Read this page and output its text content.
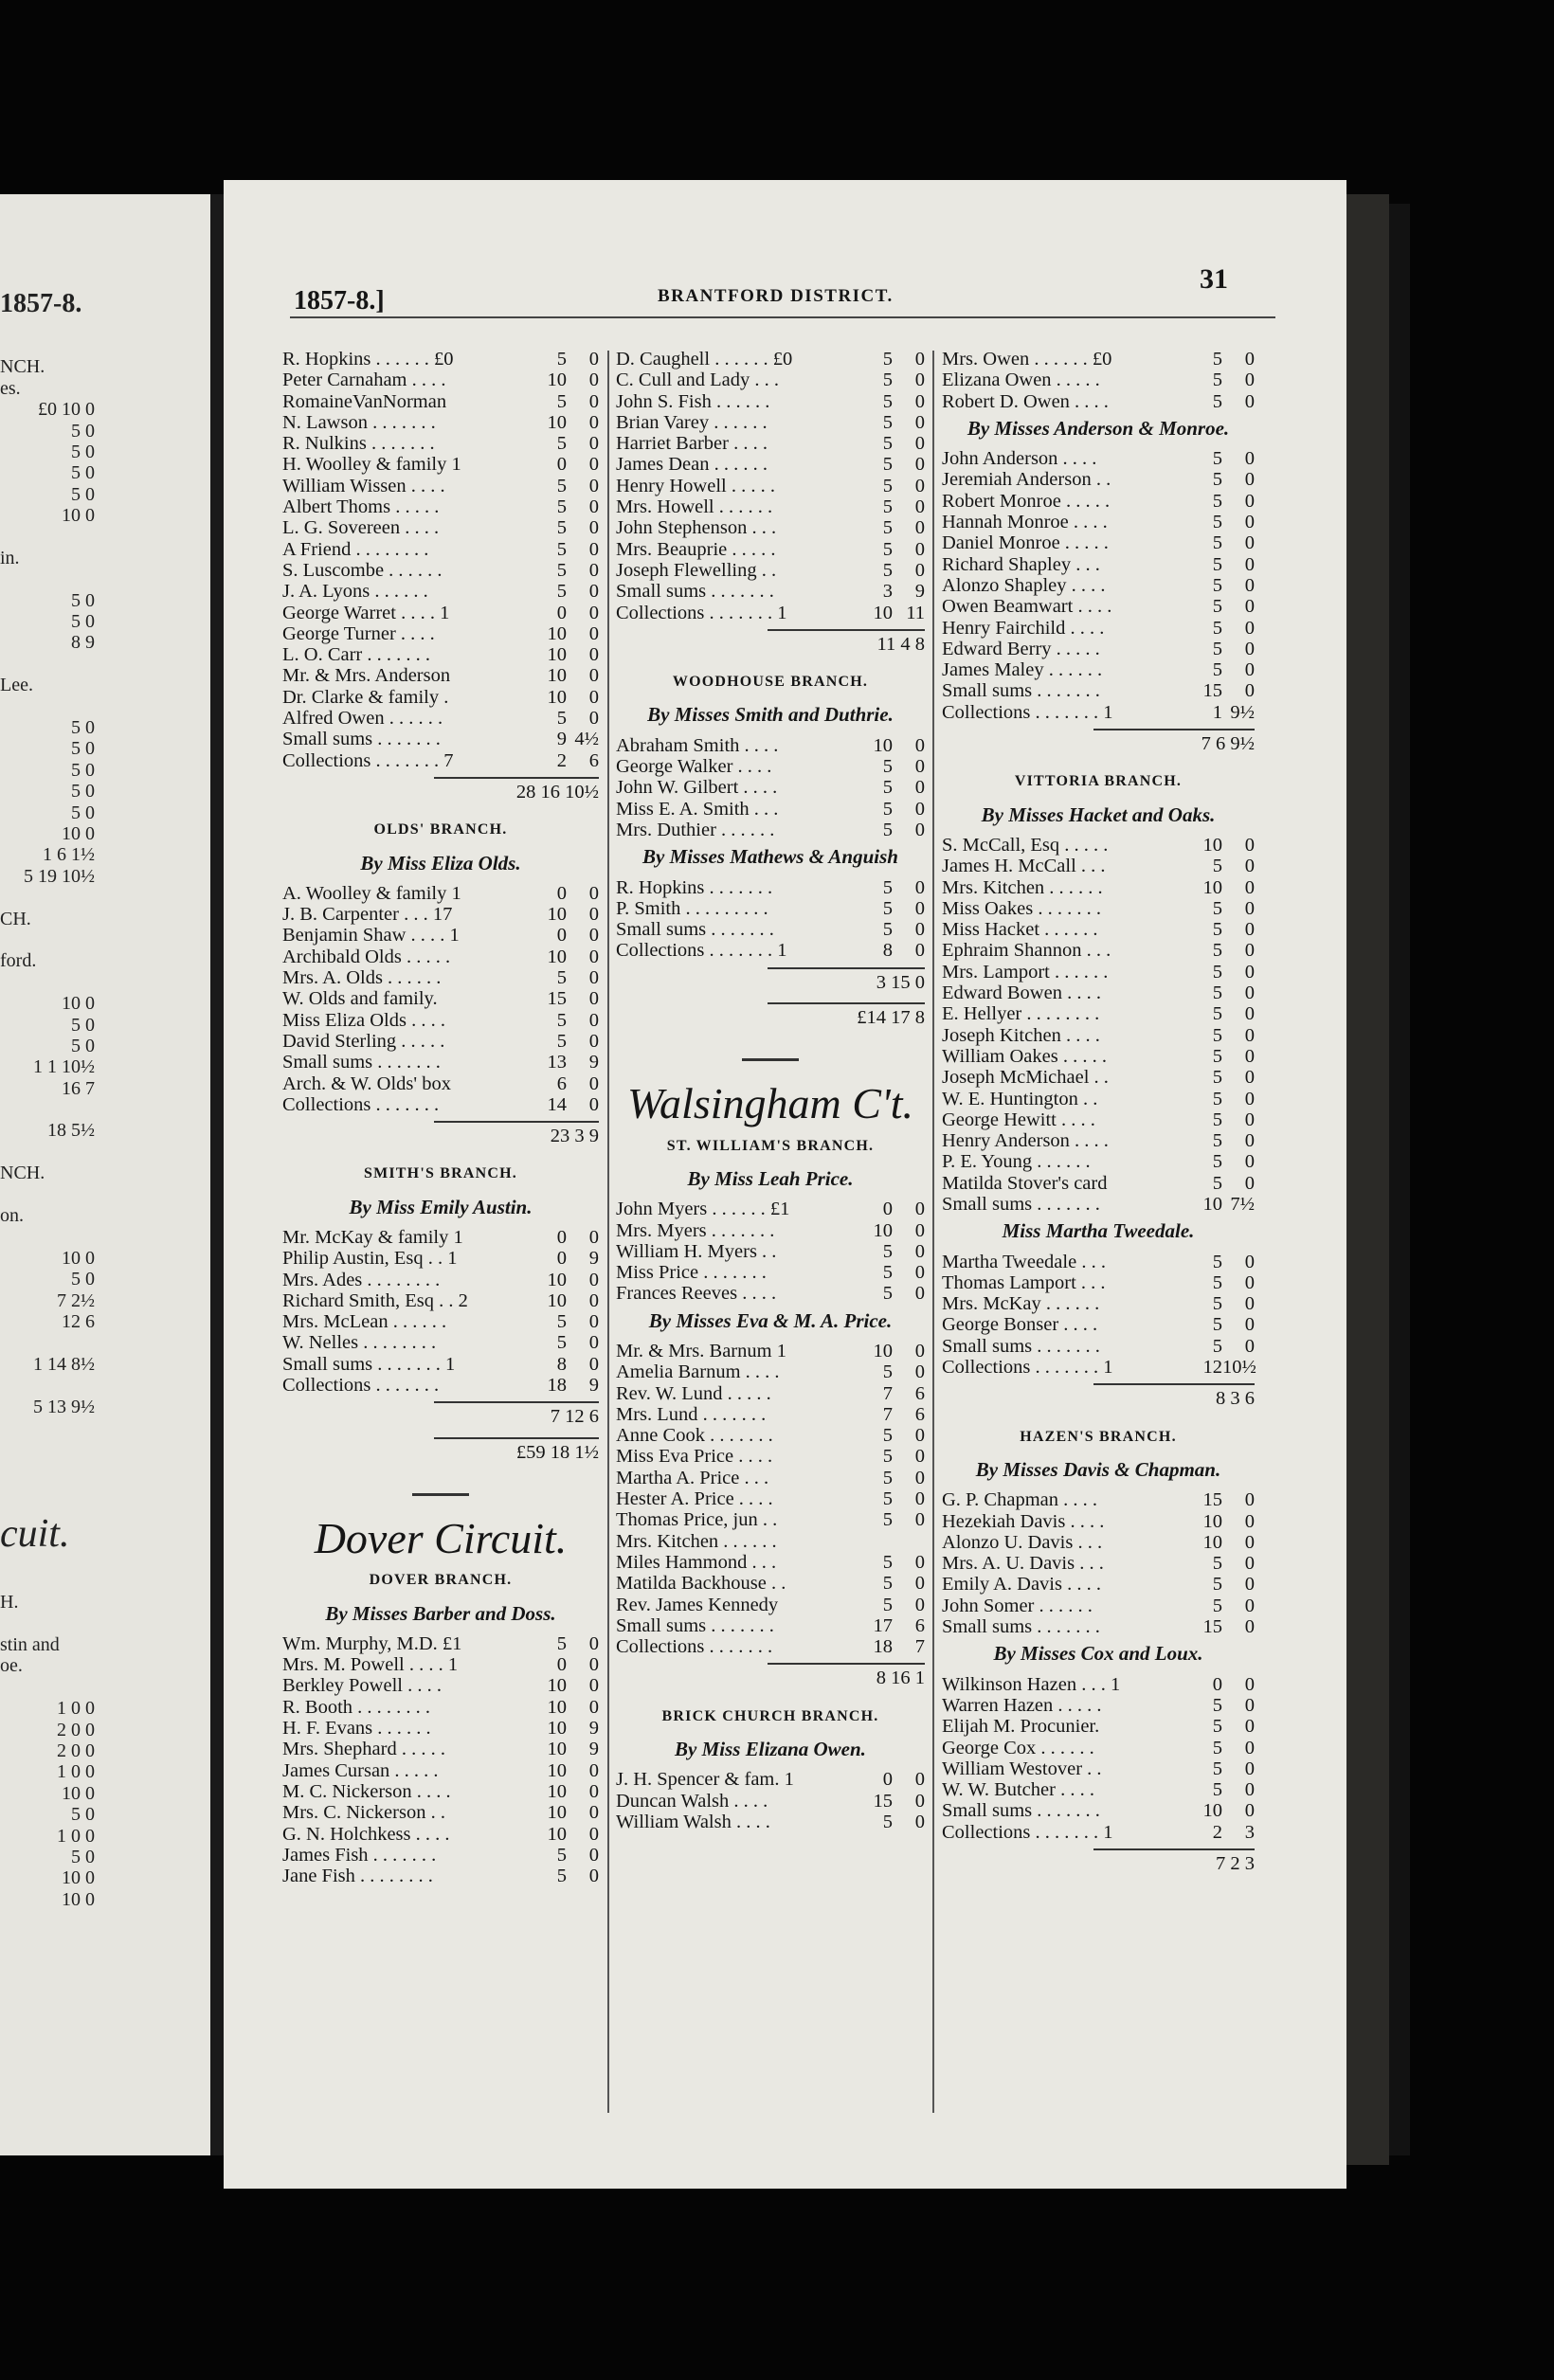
1857-8.
NCH.
es.
£0 10 0
5 0
5 0
5 0
5 0
10 0
in.
5 0
5 0
8 9
Lee.
5 0
5 0
5 0
5 0
5 0
10 0
1 6 1½
5 19 10½
CH.
ford.
10 0
5 0
5 0
1 1 10½
16 7
18 5½
NCH.
on.
10 0
5 0
7 2½
12 6
1 14 8½
5 13 9½
cuit.
H.
stin and
oe.
1 0 0
2 0 0
2 0 0
1 0 0
10 0
5 0
1 0 0
5 0
10 0
10 0
1857-8.]	BRANTFORD DISTRICT.
31
R. Hopkins . . . . . . £0	5	0
Peter Carnaham . . . .	10	0
RomaineVanNorman	5	0
N. Lawson . . . . . . .	10	0
R. Nulkins . . . . . . .	5	0
H. Woolley & family 1	0	0
William Wissen . . . .	5	0
Albert Thoms . . . . .	5	0
L. G. Sovereen . . . .	5	0
A Friend . . . . . . . .	5	0
S. Luscombe . . . . . .	5	0
J. A. Lyons . . . . . .	5	0
George Warret . . . . 1	0	0
George Turner . . . .	10	0
L. O. Carr . . . . . . .	10	0
Mr. & Mrs. Anderson	10	0
Dr. Clarke & family .	10	0
Alfred Owen . . . . . .	5	0
Small sums . . . . . . .	9 4½
Collections . . . . . . . 7	2	6
28 16 10½
OLDS' BRANCH.
By Miss Eliza Olds.
A. Woolley & family 1	0	0
J. B. Carpenter . . . 17	10	0
Benjamin Shaw . . . . 1	0	0
Archibald Olds . . . . .	10	0
Mrs. A. Olds . . . . . .	5	0
W. Olds and family.	15	0
Miss Eliza Olds . . . .	5	0
David Sterling . . . . .	5	0
Small sums . . . . . . .	13	9
Arch. & W. Olds' box	6	0
Collections . . . . . . .	14	0
23 3 9
SMITH'S BRANCH.
By Miss Emily Austin.
Mr. McKay & family 1	0	0
Philip Austin, Esq . . 1	0	9
Mrs. Ades . . . . . . . .	10	0
Richard Smith, Esq . . 2	10	0
Mrs. McLean . . . . . .	5	0
W. Nelles . . . . . . . .	5	0
Small sums . . . . . . . 1	8	0
Collections . . . . . . .	18	9
7 12 6
£59 18 1½
Dover Circuit.
DOVER BRANCH.
By Misses Barber and Doss.
Wm. Murphy, M.D. £1	5	0
Mrs. M. Powell . . . . 1	0	0
Berkley Powell . . . .	10	0
R. Booth . . . . . . . .	10	0
H. F. Evans . . . . . .	10	9
Mrs. Shephard . . . . .	10	9
James Cursan . . . . .	10	0
M. C. Nickerson . . . .	10	0
Mrs. C. Nickerson . .	10	0
G. N. Holchkess . . . .	10	0
James Fish . . . . . . .	5	0
Jane Fish . . . . . . . .	5	0
D. Caughell . . . . . . £0	5	0
C. Cull and Lady . . .	5	0
John S. Fish . . . . . .	5	0
Brian Varey . . . . . .	5	0
Harriet Barber . . . .	5	0
James Dean . . . . . .	5	0
Henry Howell . . . . .	5	0
Mrs. Howell . . . . . .	5	0
John Stephenson . . .	5	0
Mrs. Beauprie . . . . .	5	0
Joseph Flewelling . .	5	0
Small sums . . . . . . .	3	9
Collections . . . . . . . 1	10 11
11 4 8
WOODHOUSE BRANCH.
By Misses Smith and Duthrie.
Abraham Smith . . . .	10	0
George Walker . . . .	5	0
John W. Gilbert . . . .	5	0
Miss E. A. Smith . . .	5	0
Mrs. Duthier . . . . . .	5	0
By Misses Mathews & Anguish
R. Hopkins . . . . . . .	5	0
P. Smith . . . . . . . . .	5	0
Small sums . . . . . . .	5	0
Collections . . . . . . . 1	8	0
3 15 0
£14 17 8
Walsingham C't.
ST. WILLIAM'S BRANCH.
By Miss Leah Price.
John Myers . . . . . . £1	0	0
Mrs. Myers . . . . . . .	10	0
William H. Myers . .	5	0
Miss Price . . . . . . .	5	0
Frances Reeves . . . .	5	0
By Misses Eva & M. A. Price.
Mr. & Mrs. Barnum 1	10	0
Amelia Barnum . . . .	5	0
Rev. W. Lund . . . . .	7	6
Mrs. Lund . . . . . . .	7	6
Anne Cook . . . . . . .	5	0
Miss Eva Price . . . .	5	0
Martha A. Price . . .	5	0
Hester A. Price . . . .	5	0
Thomas Price, jun . .	5	0
Mrs. Kitchen . . . . . .
Miles Hammond . . .	5	0
Matilda Backhouse . .	5	0
Rev. James Kennedy	5	0
Small sums . . . . . . .	17	6
Collections . . . . . . .	18	7
8 16 1
BRICK CHURCH BRANCH.
By Miss Elizana Owen.
J. H. Spencer & fam. 1	0	0
Duncan Walsh . . . .	15	0
William Walsh . . . .	5	0
Mrs. Owen . . . . . . £0	5	0
Elizana Owen . . . . .	5	0
Robert D. Owen . . . .	5	0
By Misses Anderson & Monroe.
John Anderson . . . .	5	0
Jeremiah Anderson . .	5	0
Robert Monroe . . . . .	5	0
Hannah Monroe . . . .	5	0
Daniel Monroe . . . . .	5	0
Richard Shapley . . .	5	0
Alonzo Shapley . . . .	5	0
Owen Beamwart . . . .	5	0
Henry Fairchild . . . .	5	0
Edward Berry . . . . .	5	0
James Maley . . . . . .	5	0
Small sums . . . . . . .	15	0
Collections . . . . . . . 1	1 9½
7 6 9½
VITTORIA BRANCH.
By Misses Hacket and Oaks.
S. McCall, Esq . . . . .	10	0
James H. McCall . . .	5	0
Mrs. Kitchen . . . . . .	10	0
Miss Oakes . . . . . . .	5	0
Miss Hacket . . . . . .	5	0
Ephraim Shannon . . .	5	0
Mrs. Lamport . . . . . .	5	0
Edward Bowen . . . .	5	0
E. Hellyer . . . . . . . .	5	0
Joseph Kitchen . . . .	5	0
William Oakes . . . . .	5	0
Joseph McMichael . .	5	0
W. E. Huntington . .	5	0
George Hewitt . . . .	5	0
Henry Anderson . . . .	5	0
P. E. Young . . . . . .	5	0
Matilda Stover's card	5	0
Small sums . . . . . . .	10 7½
Miss Martha Tweedale.
Martha Tweedale . . .	5	0
Thomas Lamport . . .	5	0
Mrs. McKay . . . . . .	5	0
George Bonser . . . .	5	0
Small sums . . . . . . .	5	0
Collections . . . . . . . 1	12 10½
8 3 6
HAZEN'S BRANCH.
By Misses Davis & Chapman.
G. P. Chapman . . . .	15	0
Hezekiah Davis . . . .	10	0
Alonzo U. Davis . . .	10	0
Mrs. A. U. Davis . . .	5	0
Emily A. Davis . . . .	5	0
John Somer . . . . . .	5	0
Small sums . . . . . . .	15	0
By Misses Cox and Loux.
Wilkinson Hazen . . . 1	0	0
Warren Hazen . . . . .	5	0
Elijah M. Procunier.	5	0
George Cox . . . . . .	5	0
William Westover . .	5	0
W. W. Butcher . . . .	5	0
Small sums . . . . . . .	10	0
Collections . . . . . . . 1	2	3
7 2 3
